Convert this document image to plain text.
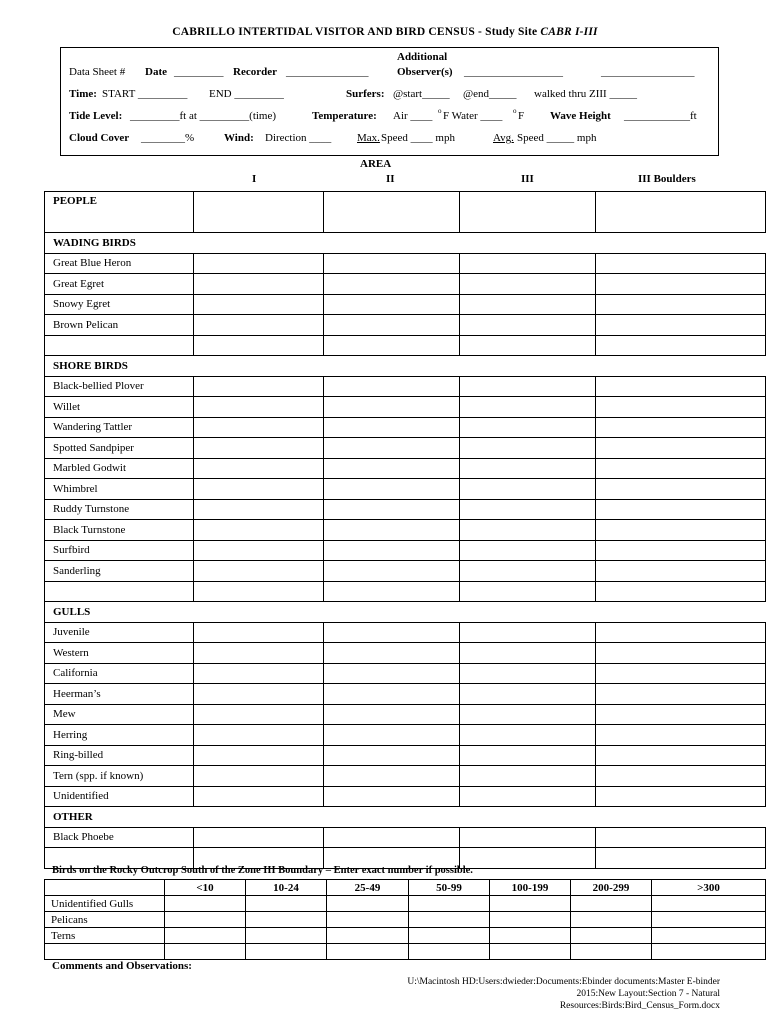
CABRILLO INTERTIDAL VISITOR AND BIRD CENSUS - Study Site CABR I-III
Additional
Data Sheet # Date _________ Recorder _______________	Observer(s) __________________	_________________
Time: START _________ END _________	Surfers: @start_____ @end_____ walked thru ZIII _____
Tide Level: _________ft at _________(time)	Temperature: Air ____ o F Water ____ o F Wave Height ____________ft
Cloud Cover ________%	Wind: Direction ____ Max. Speed ____ mph	Avg. Speed _____ mph
AREA
I	II	III	III Boulders
PEOPLE				
WADING BIRDS				
Great Blue Heron				
Great Egret				
Snowy Egret				
Brown Pelican				

SHORE BIRDS				
Black-bellied Plover				
Willet				
Wandering Tattler				
Spotted Sandpiper				
Marbled Godwit				
Whimbrel				
Ruddy Turnstone				
Black Turnstone				
Surfbird				
Sanderling				

GULLS				
Juvenile				
Western				
California				
Heerman’s				
Mew				
Herring				
Ring-billed				
Tern (spp. if known)				
Unidentified				
OTHER				
Black Phoebe				

Birds on the Rocky Outcrop South of the Zone III Boundary – Enter exact number if possible.
	<10	10-24	25-49	50-99	100-199	200-299	>300
Unidentified Gulls							
Pelicans							
Terns							

Comments and Observations:
U:\Macintosh HD:Users:dwieder:Documents:Ebinder documents:Master E-binder 2015:New Layout:Section 7 - Natural
Resources:Birds:Bird_Census_Form.docx
